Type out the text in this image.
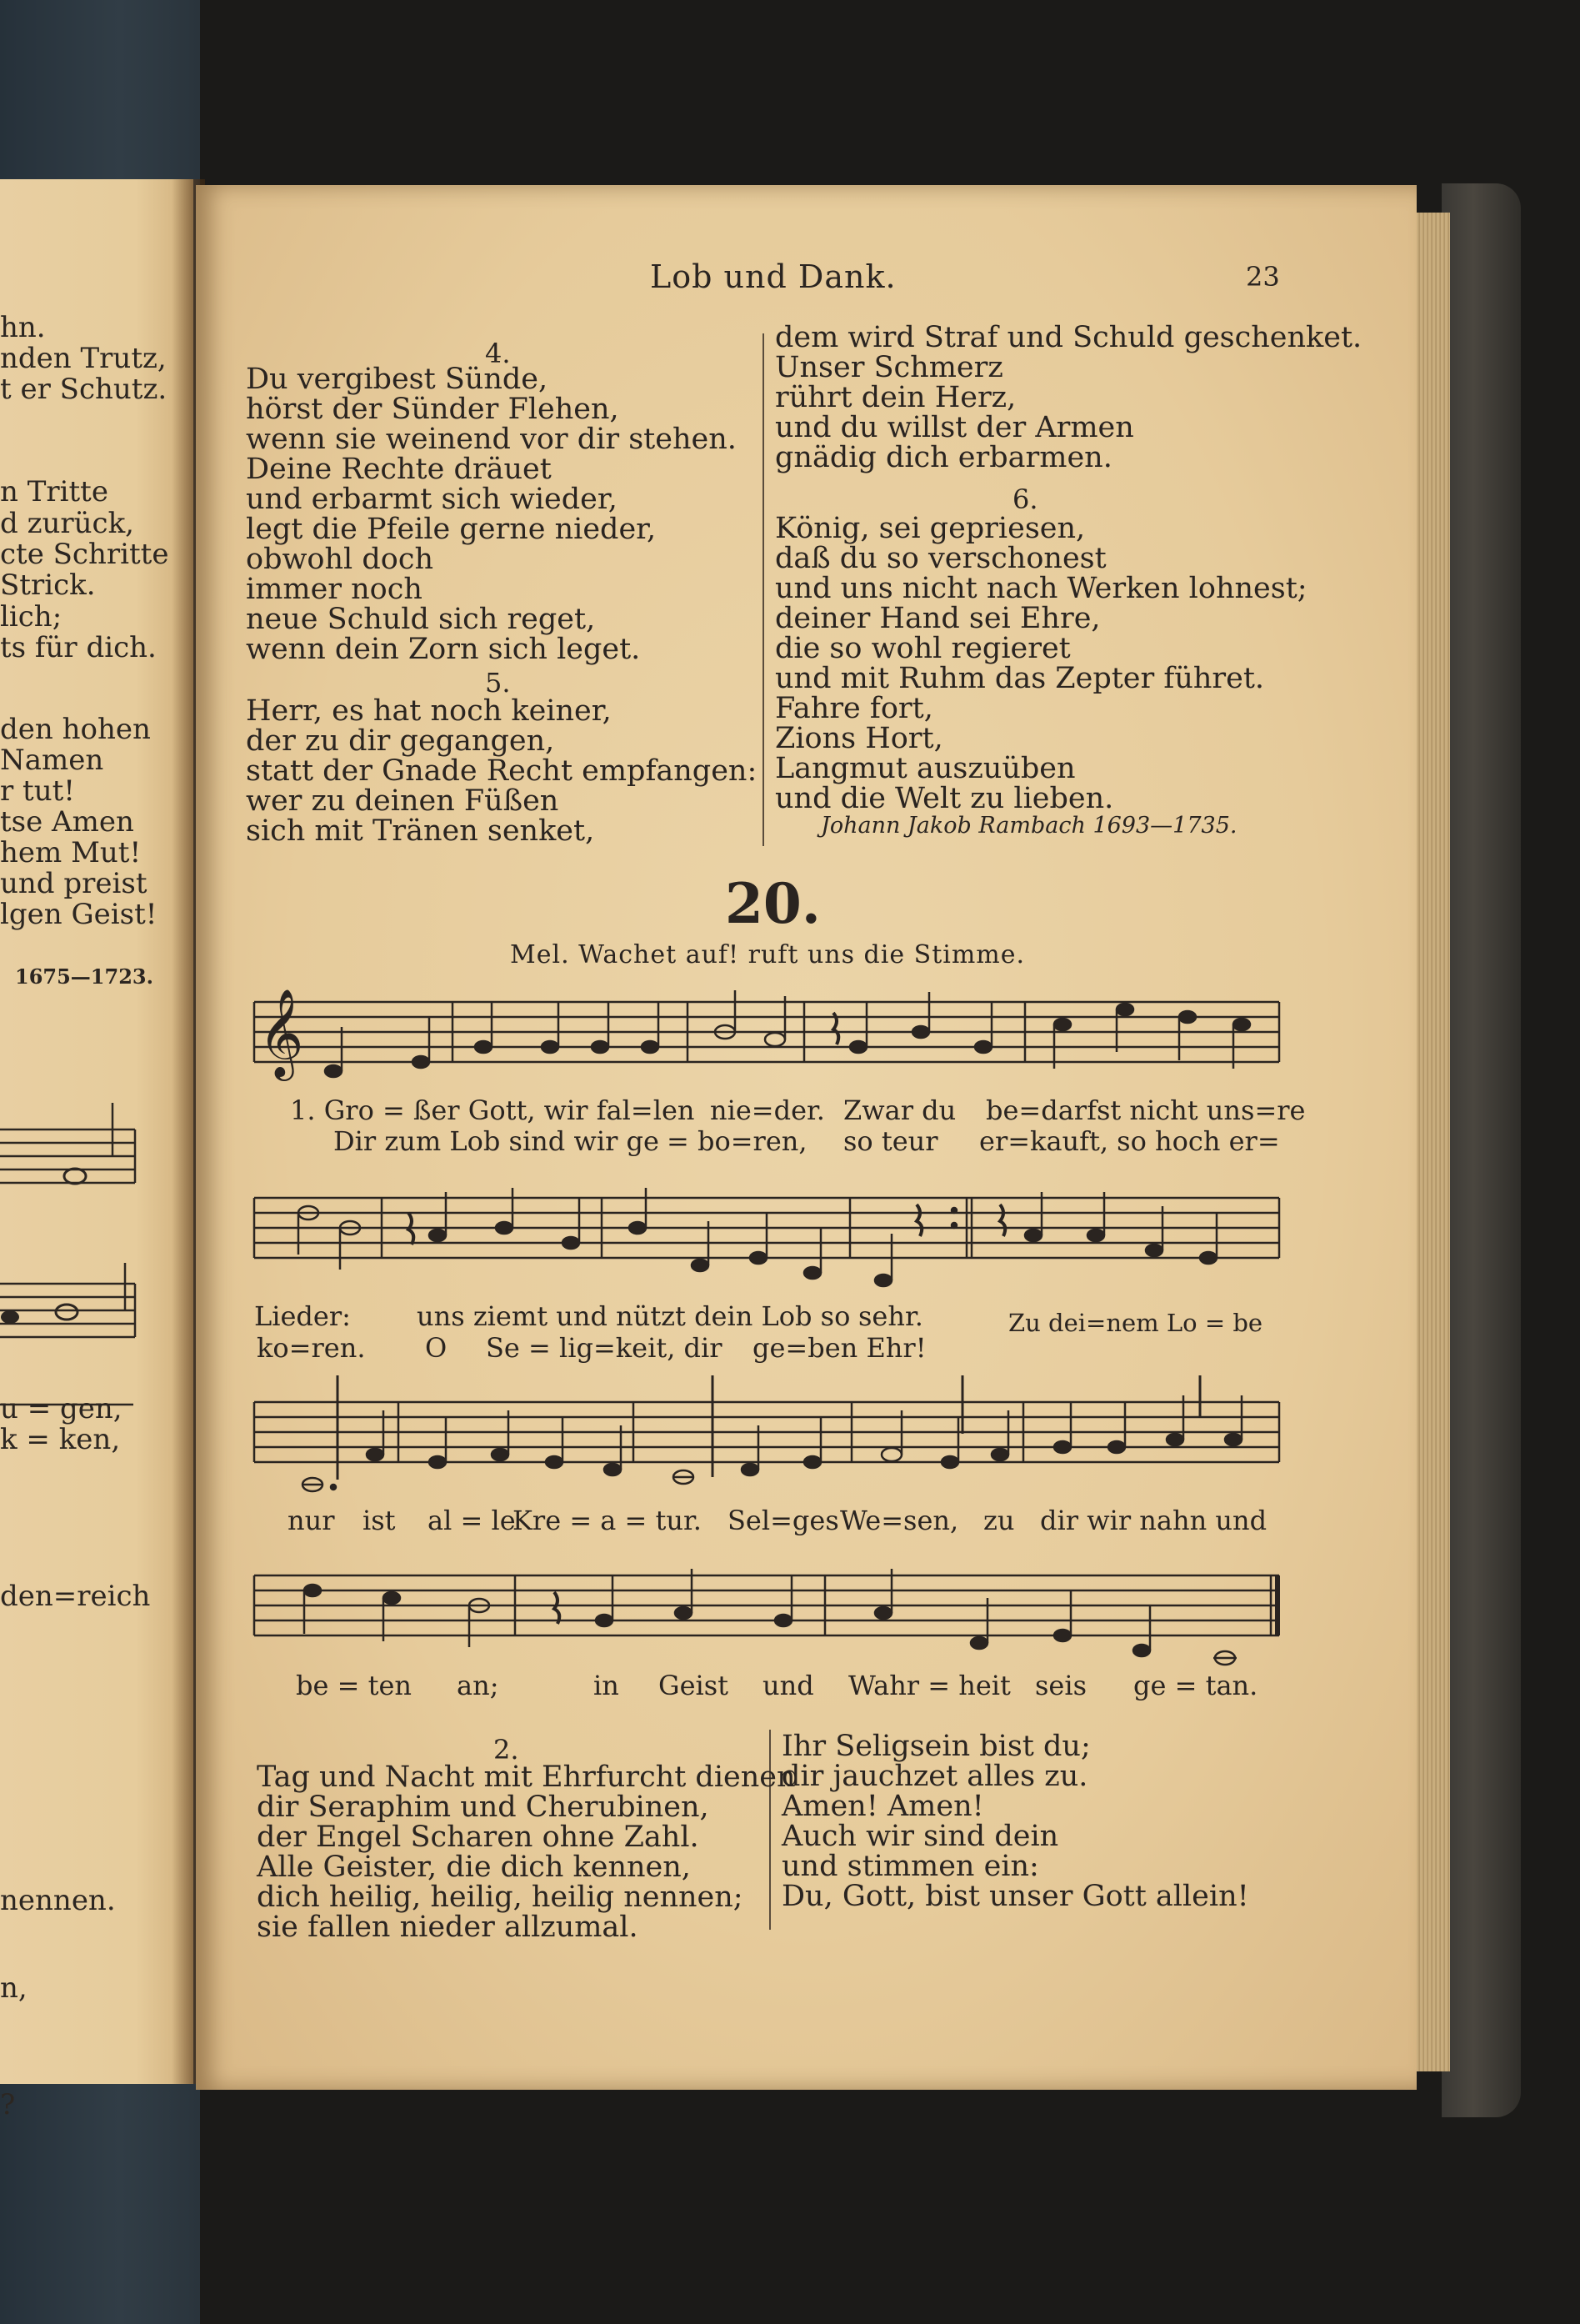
hn.
nden Trutz,
t er Schutz.
n Tritte
d zurück,
cte Schritte
Strick.
lich;
ts für dich.
den hohen
Namen
r tut!
tse Amen
hem Mut!
und preist
lgen Geist!
1675—1723.
u = gen,
k = ken,
den=reich
nennen.
n,
?
Lob und Dank.	23
4.
Du vergibest Sünde,
hörst der Sünder Flehen,
wenn sie weinend vor dir stehen.
Deine Rechte dräuet
und erbarmt sich wieder,
legt die Pfeile gerne nieder,
obwohl doch
immer noch
neue Schuld sich reget,
wenn dein Zorn sich leget.
5.
Herr, es hat noch keiner,
der zu dir gegangen,
statt der Gnade Recht empfangen:
wer zu deinen Füßen
sich mit Tränen senket,
dem wird Straf und Schuld geschenket.
Unser Schmerz
rührt dein Herz,
und du willst der Armen
gnädig dich erbarmen.
6.
König, sei gepriesen,
daß du so verschonest
und uns nicht nach Werken lohnest;
deiner Hand sei Ehre,
die so wohl regieret
und mit Ruhm das Zepter führet.
Fahre fort,
Zions Hort,
Langmut auszuüben
und die Welt zu lieben.
Johann Jakob Rambach 1693—1735.
20.
Mel. Wachet auf! ruft uns die Stimme.
𝄞
1. Gro = ßer Gott, wir fal=len nie=der. Zwar du be=darfst nicht uns=re
Dir zum Lob sind wir ge = bo=ren, so teur er=kauft, so hoch er=
Lieder: uns ziemt und nützt dein Lob so sehr.	Zu dei=nem Lo = be
ko=ren. O Se = lig=keit, dir ge=ben Ehr!
nur ist al = le
Kre = a = tur. Sel=ges We=sen, zu dir wir nahn und
be = ten an;	in Geist und Wahr = heit seis ge = tan.
2.
Tag und Nacht mit Ehrfurcht dienen
dir Seraphim und Cherubinen,
der Engel Scharen ohne Zahl.
Alle Geister, die dich kennen,
dich heilig, heilig, heilig nennen;
sie fallen nieder allzumal.
Ihr Seligsein bist du;
dir jauchzet alles zu.
Amen! Amen!
Auch wir sind dein
und stimmen ein:
Du, Gott, bist unser Gott allein!
